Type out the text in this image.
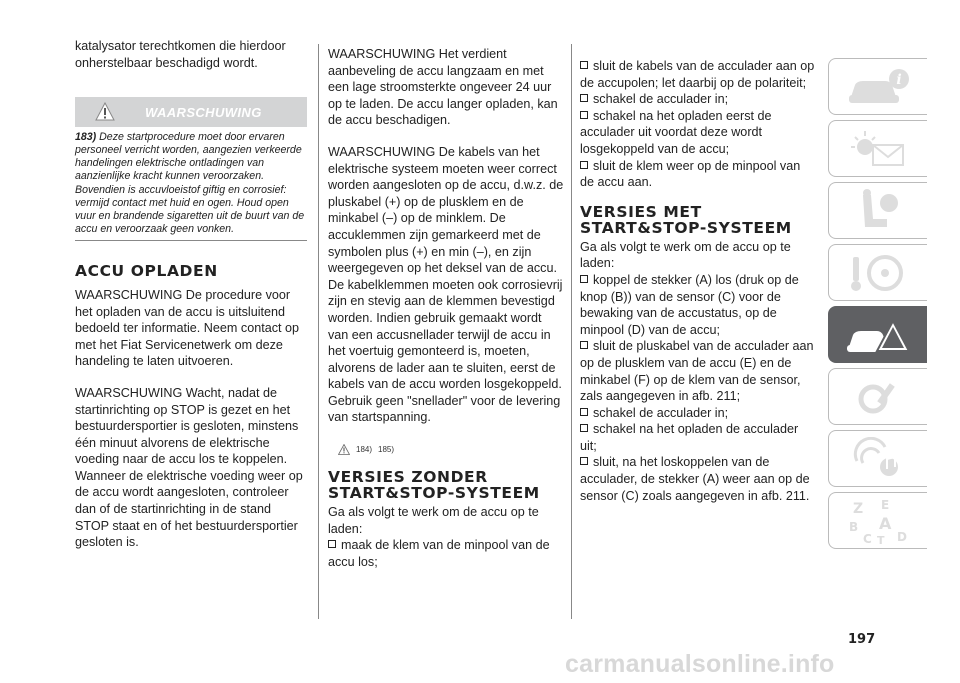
katalysator terechtkomen die hierdoor onherstelbaar beschadigd wordt.

WAARSCHUWING

183) Deze startprocedure moet door ervaren personeel verricht worden, aangezien verkeerde handelingen elektrische ontladingen van aanzienlijke kracht kunnen veroorzaken. Bovendien is accuvloeistof giftig en corrosief: vermijd contact met huid en ogen. Houd open vuur en brandende sigaretten uit de buurt van de accu en veroorzaak geen vonken.

ACCU OPLADEN

WAARSCHUWING De procedure voor het opladen van de accu is uitsluitend bedoeld ter informatie. Neem contact op met het Fiat Servicenetwerk om deze handeling te laten uitvoeren.

WAARSCHUWING Wacht, nadat de startinrichting op STOP is gezet en het bestuurdersportier is gesloten, minstens één minuut alvorens de elektrische voeding naar de accu los te koppelen. Wanneer de elektrische voeding weer op de accu wordt aangesloten, controleer dan of de startinrichting in de stand STOP staat en of het bestuurdersportier gesloten is.

WAARSCHUWING Het verdient aanbeveling de accu langzaam en met een lage stroomsterkte ongeveer 24 uur op te laden. De accu langer opladen, kan de accu beschadigen.

WAARSCHUWING De kabels van het elektrische systeem moeten weer correct worden aangesloten op de accu, d.w.z. de pluskabel (+) op de plusklem en de minkabel (–) op de minklem. De accuklemmen zijn gemarkeerd met de symbolen plus (+) en min (–), en zijn weergegeven op het deksel van de accu. De kabelklemmen moeten ook corrosievrij zijn en stevig aan de klemmen bevestigd worden. Indien gebruik gemaakt wordt van een accusnellader terwijl de accu in het voertuig gemonteerd is, moeten, alvorens de lader aan te sluiten, eerst de kabels van de accu worden losgekoppeld. Gebruik geen "snellader" voor de levering van startspanning.

184) 185)
VERSIES ZONDER
START&STOP-SYSTEEM

Ga als volgt te werk om de accu op te laden:

maak de klem van de minpool van de accu los;
sluit de kabels van de acculader aan op de accupolen; let daarbij op de polariteit;
schakel de acculader in;
schakel na het opladen eerst de acculader uit voordat deze wordt losgekoppeld van de accu;
sluit de klem weer op de minpool van de accu aan.
VERSIES MET
START&STOP-SYSTEEM

Ga als volgt te werk om de accu op te laden:

koppel de stekker (A) los (druk op de knop (B)) van de sensor (C) voor de bewaking van de accustatus, op de minpool (D) van de accu;
sluit de pluskabel van de acculader aan op de plusklem van de accu (E) en de minkabel (F) op de klem van de sensor, zals aangegeven in afb. 211;
schakel de acculader in;
schakel na het opladen de acculader uit;
sluit, na het loskoppelen van de acculader, de stekker (A) weer aan op de sensor (C) zoals aangegeven in afb. 211.
i
Z E
B A
C D
T
197
carmanualsonline.info
